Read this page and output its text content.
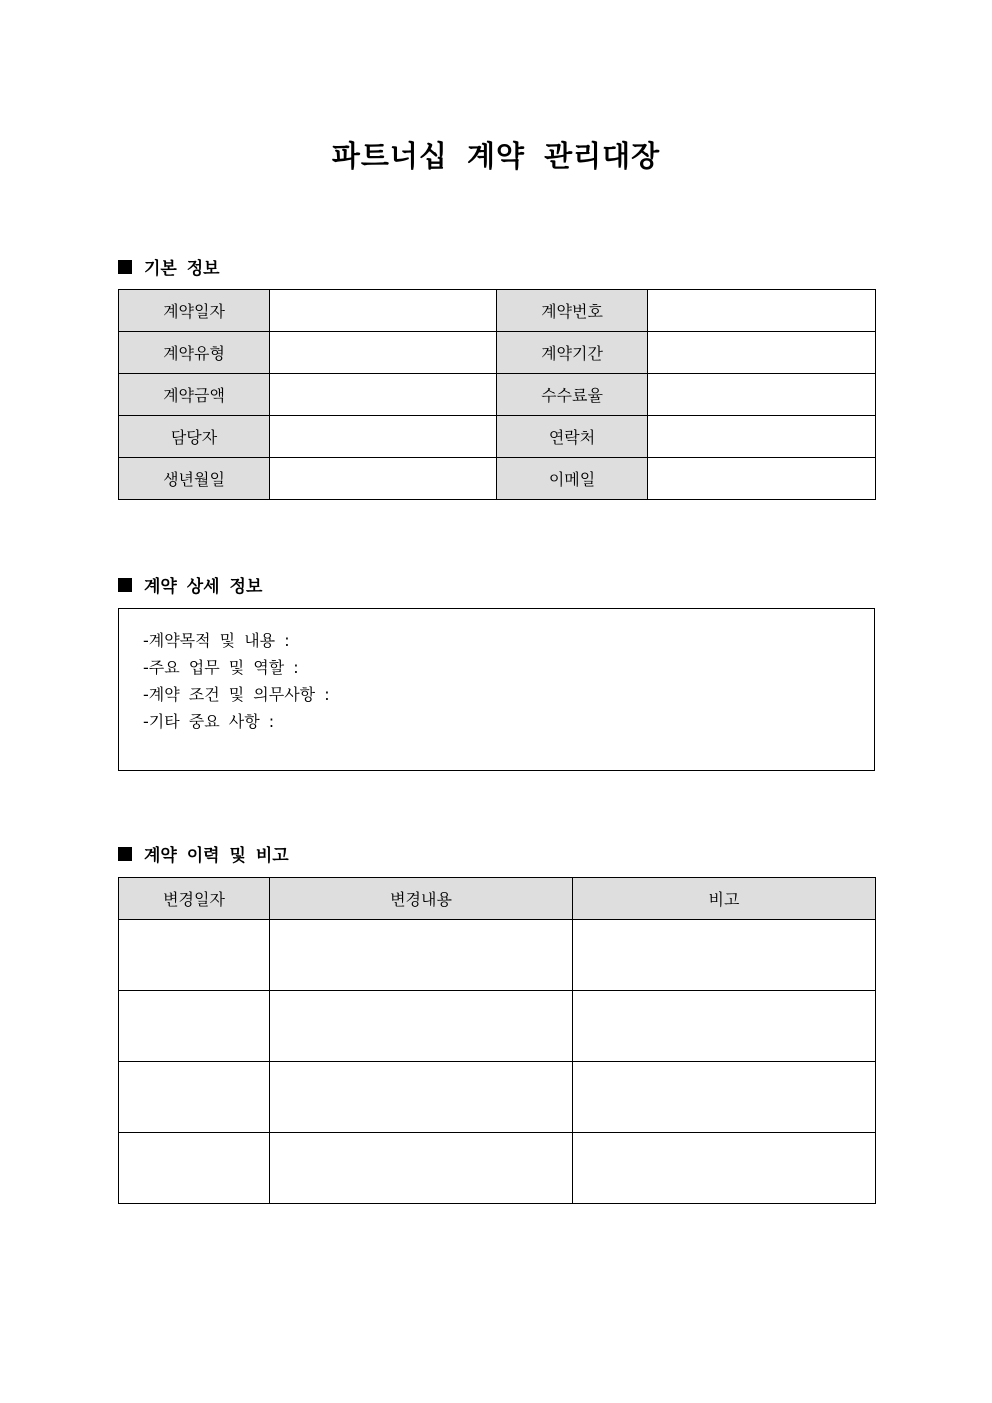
파트너십 계약 관리대장
기본 정보
계약일자		계약번호	
계약유형		계약기간	
계약금액		수수료율	
담당자		연락처	
생년월일		이메일	
계약 상세 정보
-계약목적 및 내용 :
-주요 업무 및 역할 :
-계약 조건 및 의무사항 :
-기타 중요 사항 :
계약 이력 및 비고
변경일자	변경내용	비고
